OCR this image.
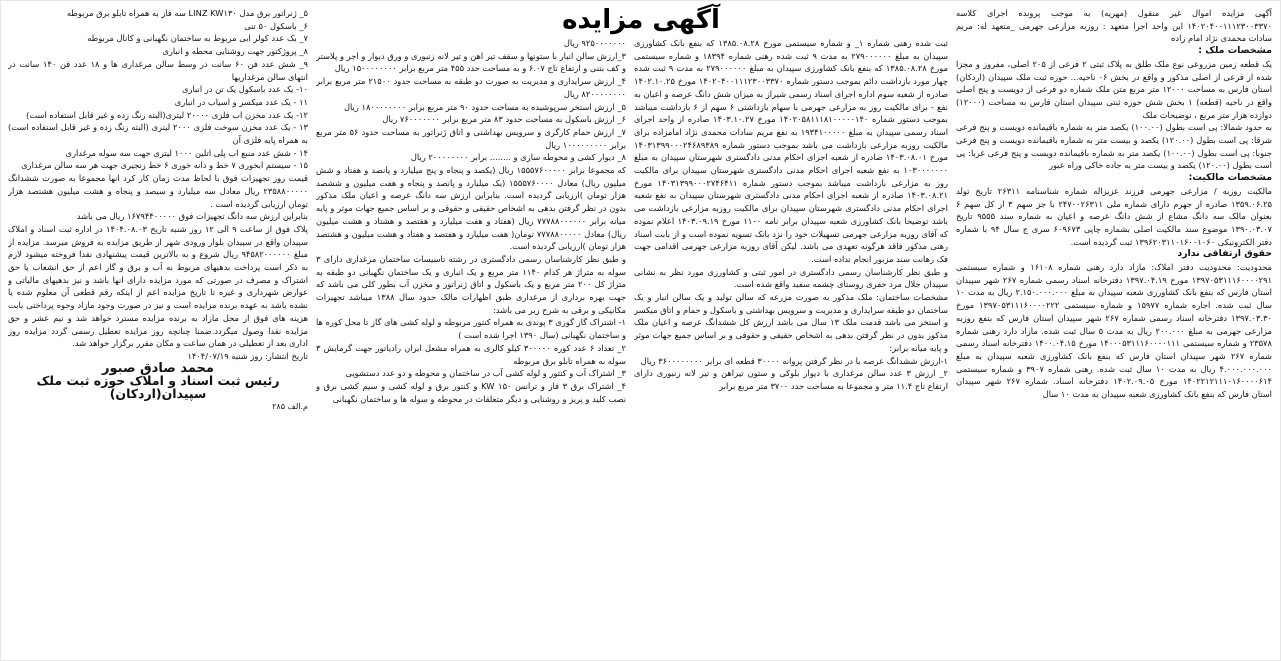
آگهی مزایده	آگهی مزایده اموال غیر منقول (مهریه) به موجب پرونده اجرای کلاسه ۱۴۰۲۰۴۰۰۱۱۱۲۳۰۰۳۳۷۰ این واحد اجرا متعهد : روزبه مزارعی جهرمی _متعهد له: مریم سادات محمدی نژاد امام زاده

مشخصات ملک :

یک قطعه زمین مزروعی نوع ملک طلق به پلاک ثبتی ۲ فرعی از ۲۰۵ اصلی، مفروز و مجزا شده از فرعی از اصلی مذکور و واقع در بخش ۰۶ ناحیه... حوزه ثبت ملک سپیدان (اردکان) استان فارس به مساحت ۱۲۰۰۰ متر مربع متن ملک شماره دو فرعی از دویست و پنج اصلی واقع در ناحیه (قطعه) ۱ بخش شش حوزه ثبتی سپیدان استان فارس به مساحت (۱۲۰۰۰) دوازده هزار متر مربع ، توضیحات ملک

به حدود شمالا: پی است بطول (۱۰۰.۰۰) یکصد متر به شماره باقیمانده دویست و پنج فرعی شرقا: پی است بطول (۱۲۰.۰۰) یکصد و بیست متر به شماره باقیمانده دویست و پنج فرعی جنوبا: پی است بطول (۱۰۰.۰۰) یکصد متر به شماره باقیمانده دویست و پنج فرعی غربا: پی است بطول (۱۲۰.۰۰) یکصد و بیست متر به جاده خاکی وراه عبور

مشخصات مالکیت:

مالکیت روزبه / مزارعی جهرمی فرزند عزیزاله شماره شناسنامه ۲۶۳۱۱ تاریخ تولد ۱۳۵۹.۰۶.۲۵ صادره از جهرم دارای شماره ملی ۲۴۷۰۰۲۶۳۱۱ با جز سهم ۳ از کل سهم ۶ بعنوان مالک سه دانگ مشاع از شش دانگ عرصه و اعیان به شماره سند ۹۵۵۵ تاریخ ۱۳۹۰.۰۳.۰۷ موضوع سند مالکیت اصلی بشماره چاپی ۶۰۹۶۷۳ سری ج سال ۹۴ با شماره دفتر الکترونیکی ۱۳۹۶۲۰۳۱۱۰۱۶۰۰۱۰۶۰ ثبت گردیده است.

حقوق ارتفاقی ندارد

محدودیت: محدودیت دفتر املاک: مازاد دارد رهنی شماره ۱۶۱۰۸ و شماره سیستمی ۱۳۹۷۰۵۳۱۱۱۶۰۰۰۰۲۹۱ مورخ ۱۳۹۷.۰۴.۱۹ دفترخانه اسناد رسمی شماره ۲۶۷ شهر سپیدان استان فارس که بنفع بانک کشاورزی شعبه سپیدان به مبلغ ۲.۱۵۰.۰۰۰.۰۰۰ ریال به مدت ۱۰ سال ثبت شده. اجاره شماره ۱۵۹۷۷ و شماره سیستمی ۱۳۹۷۰۵۳۱۱۱۶۰۰۰۰۲۲۲ مورخ ۱۳۹۷.۰۳.۳۰ دفترخانه اسناد رسمی شماره ۲۶۷ شهر سپیدان استان فارس که بنفع روزبه مزارعی جهرمی به مبلغ ۲۰۰.۰۰۰ ریال به مدت ۵ سال ثبت شده. مازاد دارد رهنی شماره ۲۳۵۷۸ و شماره سیستمی ۱۴۰۰۰۵۳۱۱۱۶۰۰۰۰۱۱۱ مورخ ۱۴۰۰.۰۴.۱۵ دفترخانه اسناد رسمی شماره ۲۶۷ شهر سپیدان استان فارس که بنفع بانک کشاورزی شعبه سپیدان به مبلغ ۴.۰۰۰.۰۰۰.۰۰۰ ریال به مدت ۱۰ سال ثبت شده. رهنی شماره ۳۹۰۷ و شماره سیستمی ۱۴۰۲۲۱۲۱۱۱۰۱۶۰۰۰۰۶۱۴ مورخ ۱۴۰۲.۰۹.۰۵ دفترخانه اسناد. شماره ۲۶۷ شهر سپیدان استان فارس که بنفع بانک کشاورزی شعبه سپیدان به مدت ۱۰ سال

ثبت شده رهنی شماره ۱_ و شماره سیستمی مورخ ۱۳۸۵.۰۸.۲۸ که بنفع بانک کشاورزی سپیدان به مبلغ ۲۷۹۰۰۰۰۰۰ به مدت ۹ ثبت شده رهنی شماره ۱۸۳۹۴ و شماره سیستمی مورخ ۱۳۸۵.۰۸.۲۸ که بنفع بانک کشاورزی سپیدان به مبلغ ۲۷۹۰۰۰۰۰۰ به مدت ۹ ثبت شده چهار مورد بازداشت دائم بموجب دستور شماره ۱۴۰۲۰۴۰۰۱۱۱۲۳۰۰۳۳۷۰ مورخ ۱۴۰۲.۱۰.۲۵ صادره از شعبه سوم اداره اجرای اسناد رسمی شیراز به میزان شش دانگ عرصه و اعیان به نفع - برای مالکیت روز به مزارعی جهرمی با سهام بازداشتی ۶ سهم از ۶ بازداشت میباشد بموجب دستور شماره ۱۴۰۲۰۵۸۱۱۱۸۱۰۰۰۰۰۱۴۰ مورخ ۱۴۰۳.۱۰.۲۷ صادره از واحد اجرای اسناد رسمی سپیدان به مبلغ ۱۹۳۴۱۰۰۰۰۰ به نفع مریم سادات محمدی نژاد امامزاده برای مالکیت روزبه مزارعی بازداشت می باشد بموجب دستور شماره ۱۴۰۳۱۳۹۹۰۰۰۲۴۶۸۹۳۸۹ مورخ ۱۴۰۳.۰۸.۰۱ صادره از شعبه اجرای احکام مدنی دادگستری شهرستان سپیدان به مبلغ ۱۰۳۰۰۰۰۰۰۰ به نفع شعبه اجرای احکام مدنی دادگستری شهرستان سپیدان برای مالکیت روز به مزارعی بازداشت میباشد بموجب دستور شماره ۱۴۰۳۱۳۹۹۰۰۰۲۷۴۶۴۱۱ مورخ ۱۴۰۳.۰۸.۲۱ صادره از شعبه اجرای احکام مدنی دادگستری شهرستان سپیدان به نفع شعبه اجرای احکام مدنی دادگستری شهرستان سپیدان برای مالکیت روزبه مزارعی بازداشت می باشد توضیحا بانک کشاورزی شعبه سپیدان برابر نامه ۱۱۰۰ مورخ ۱۴۰۳.۰۹.۱۹ اعلام نموده که آقای روزبه مزارعی جهرمی تسهیلات خود را نزد بانک تسویه نموده است و از بابت اسناد رهنی مذکور فاقد هرگونه تعهدی می باشد. لیکن آقای روزبه مزارعی جهرمی اقدامی جهت فک رهانت سند مزبور انجام نداده است.

و طبق نظر کارشناسان رسمی دادگستری در امور ثبتی و کشاورزی مورد نظر به نشانی سپیدان جلال مرد خفری روستای چشمه سفید واقع شده است.

مشخصات ساختمان: ملک مذکور به صورت مزرعه که سالن تولید و یک سالن انبار و یک ساختمان دو طبقه سرایداری و مدیریت و سرویس بهداشتی و باسکول و حمام و اتاق میکسر و استخر می باشد قدمت ملک ۱۳ سال می باشد ارزش کل ششدانگ عرصه و اعیان ملک مذکور بدون در نظر گرفتن بدهی به اشخاص حقیقی و حقوقی و بر اساس جمیع جهات موثر و پایه میانه برابر:

۱-ارزش ششدانگ عرصه با در نظر گرفتن پروانه ۳۰۰۰۰ قطعه ای برابر ۳۶۰۰۰۰۰۰۰۰ ریال

۲_ ارزش ۳ عدد سالن مرغداری با دیوار بلوکی و ستون تیراهن و تیر لانه زنبوری دارای ارتفاع تاج ۱۱.۴ متر و مجموعا به مساحت حدد ۳۷۰۰ متر مربع برابر

۹۲۵۰۰۰۰۰۰۰ ریال

۳_ارزش سالن انبار با ستونها و سقف تیر اهن و تیر لانه زنبوری و ورق دیوار و اجر و پلاستر و کف بتنی و ارتفاع تاج ۶.۰۷ و به مساحت حدد ۴۵۵ متر مربع برابر ۱۵۰۰۰۰۰۰۰۰ ریال

۴_ ارزش سرایداری و مدیریت به صورت دو طبقه به مساحت حدود ۲۱۵۰۰ متر مربع برابر ۸۲۰۰۰۰۰۰۰۰ ریال

۵_ ارزش استخر سرپوشیده به مساحت حدود ۹۰ متر مربع برابر ۱۸۰۰۰۰۰۰۰۰ ریال

۶_ ارزش باسکول به مساحت حدود ۸۳ متر مربع برابر ۷۶۰۰۰۰۰۰۰ ریال

۷_ ارزش حمام کارگری و سرویس بهداشتی و اتاق ژنراتور به مساحت حدود ۵۶ متر مربع برابر ۱۰۰۰۰۰۰۰۰۰ ریال

۸_ دیوار کشی و محوطه سازی و ........ برابر ۲۰۰۰۰۰۰۰۰ ریال

که مجموعا برابر ۱۵۵۵۷۶۰۰۰۰۰ ریال (یکصد و پنجاه و پنج میلیارد و پانصد و هفتاد و شش میلیون ریال) معادل ۱۵۵۵۷۶۰۰۰۰ (یک میلیارد و پانصد و پنجاه و هفت میلیون و ششصد هزار تومان )ارزیابی گردیده است. بنابراین ارزش سه دانگ عرصه و اعیان ملک مذکور بدون در نظر گرفتن بدهی به اشخاص حقیقی و حقوقی و بر اساس جمیع جهات موثر و پایه میانه برابر ۷۷۷۸۸۰۰۰۰۰۰ ریال (هفتاد و هفت میلیارد و هفتصد و هشتاد و هشت میلیون ریال) معادل ۷۷۷۸۸۰۰۰۰۰ تومان( هفت میلیارد و هفتصد و هفتاد و هشت میلیون و هشتصد هزار تومان )ارزیابی گردیده است.

و طبق نظر کارشناسان رسمی دادگستری در رشته تاسیسات ساختمان مرغداری دارای ۳ سوله به متراژ هر کدام ۱۱۴۰ متر مربع و یک انباری و یک ساختمان نگهبانی دو طبقه به متراژ کل ۲۰۰ متر مربع و یک باسکول و اتاق ژنراتور و مخزن آب بطور کلی می باشد که جهت بهره برداری از مرغداری طبق اظهارات مالک حدود سال ۱۳۸۸ میباشد تجهیزات مکانیکی و برقی به شرح زیر می باشد:

۱- اشتراک گاز گوری ۳ پوندی به همراه کنتور مربوطه و لوله کشی های گاز تا محل کوره ها و ساختمان نگهبانی (سال ۱۳۹۰ اجرا شده است )

۲_ تعداد ۶ عدد کوره ۳۰۰۰۰۰ کیلو کالری به همراه مشعل ایران رادیاتور جهت گرمایش ۳ سوله به همراه تابلو برق مربوطه

۳_ اشتراک آب و کنتور و لوله کشی آب در ساختمان و محوطه و دو عدد دستشویی

۴_ اشتراک برق ۳ فاز و ترانس ۱۵۰ KW و کنتور برق و لوله کشی و سیم کشی برق و نصب کلید و پریز و روشنایی و دیگر متعلقات در محوطه و سوله ها و ساختمان نگهبانی

۵_ ژنراتور برق مدل LINZ KW۱۳۰ سه فاز به همراه تابلو برق مربوطه

۶_ باسکول ۵۰ تنی

۷_ یک عدد کولر ابی مربوط به ساختمان نگهبانی و کانال مربوطه

۸_ پروژکتور جهت روشنایی محطه و انباری

۹_ شش عدد فن ۶۰ سانت در وسط سالن مرغداری ها و ۱۸ عدد فن ۱۴۰ سانت در انتهای سالن مرغداریها

۱۰- یک عدد باسکول یک تن در انباری

۱۱ - یک عدد میکسر و اسیاب در انباری

۱۲- یک عدد مخزن اب فلزی ۲۰۰۰۰ لیتری(البته زنگ زده و غیر قابل استفاده است)

۱۳ - یک عدد مخزن سوخت فلزی ۲۰۰۰ لیتری (البته زنگ زده و غیر قابل استفاده است) به همراه پایه فلزی آن

۱۴ - شش عدد منبع اب پلی اتلین ۱۰۰۰ لیتری جهت سه سوله مرغداری

۱۵ - سیستم ابخوری ۷ خط و دانه خوری ۶ خط زنجیری جهت هر سه سالن مرغداری

قیمت روز تجهیزات فوق با لحاظ مدت زمان کار کرد انها مجموعا به صورت ششدانگ ۲۳۵۸۸۰۰۰۰۰ ریال معادل سه میلیارد و سیصد و پنجاه و هشت میلیون هشتصد هزار تومان ارزیابی گردیده است .

بنابراین ارزش سه دانگ تجهیزات فوق ۱۶۷۹۴۴۰۰۰۰۰ ریال می باشد

پلاک فوق از ساعت ۹ الی ۱۲ روز شنبه تاریخ ۱۴۰۴.۰۸.۰۳ در اداره ثبت اسناد و املاک سپیدان واقع در سپیدان بلوار ورودی شهر از طریق مزایده به فروش میرسد. مزایده از مبلغ ۹۴۵۸۲۰۰۰۰۰۰ ریال شروع و به بالاترین قیمت پیشنهادی نقدا فروخته میشود لازم به ذکر است پرداخت بدهیهای مربوط به آب و برق و گاز اعم از حق انشعاب یا حق اشتراک و مصرف در صورتی که مورد مزایده دارای انها باشد و نیز بدهیهای مالیاتی و عوارض شهرداری و غیره تا تاریخ مزایده اعم از اینکه رقم قطعی آن معلوم شده یا نشده باشد به عهده برنده مزایده است و نیز در صورت وجود مازاد وجوه پرداختی بابت هزینه های فوق از محل مازاد به برنده مزایده مسترد خواهد شد و نیم عشر و حق مزایده نقدا وصول میگردد.ضمنا چنانچه روز مزایده تعطیل رسمی گردد مزایده روز اداری بعد از تعطیلی در همان ساعت و مکان مقرر برگزار خواهد شد.

تاریخ انتشار: روز شنبه ۱۴۰۴/۰۷/۱۹

محمد صادق صبور

رئیس ثبت اسناد و املاک حوزه ثبت ملک سپیدان(اردکان)

م.الف ۲۸۵
